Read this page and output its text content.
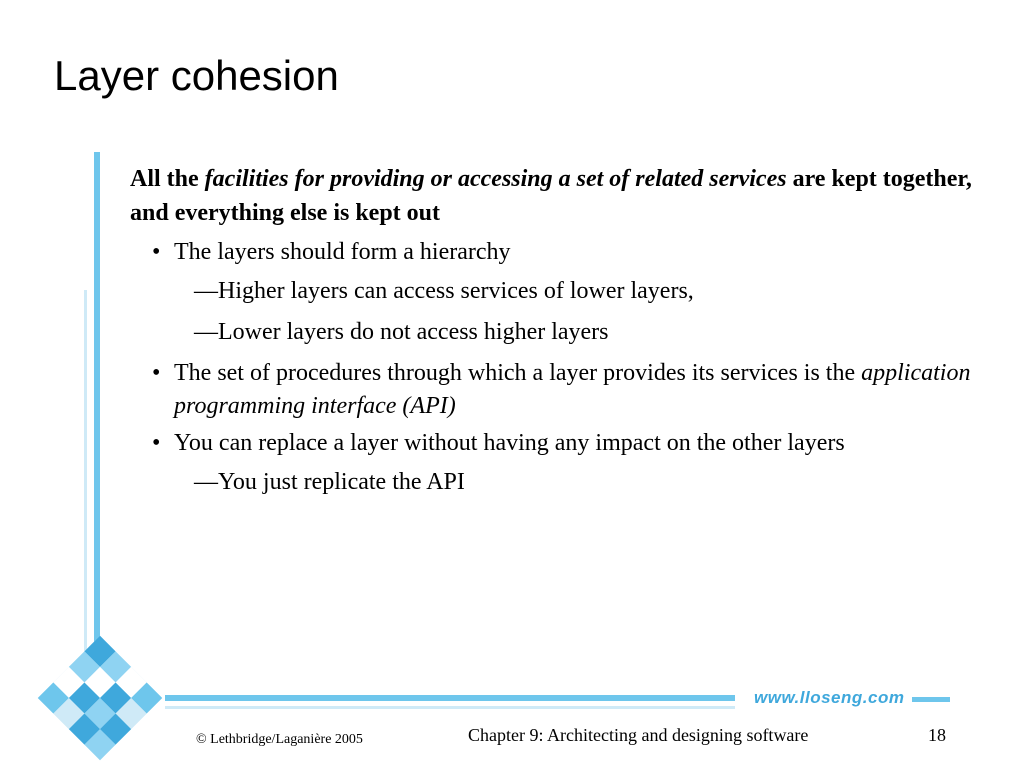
Layer cohesion
www.lloseng.com

All the facilities for providing or accessing a set of related services are kept together, and everything else is kept out

• The layers should form a hierarchy
—Higher layers can access services of lower layers,
—Lower layers do not access higher layers
• The set of procedures through which a layer provides its services is the application programming interface (API)
• You can replace a layer without having any impact on the other layers
—You just replicate the API
© Lethbridge/Laganière 2005	Chapter 9: Architecting and designing software	18
